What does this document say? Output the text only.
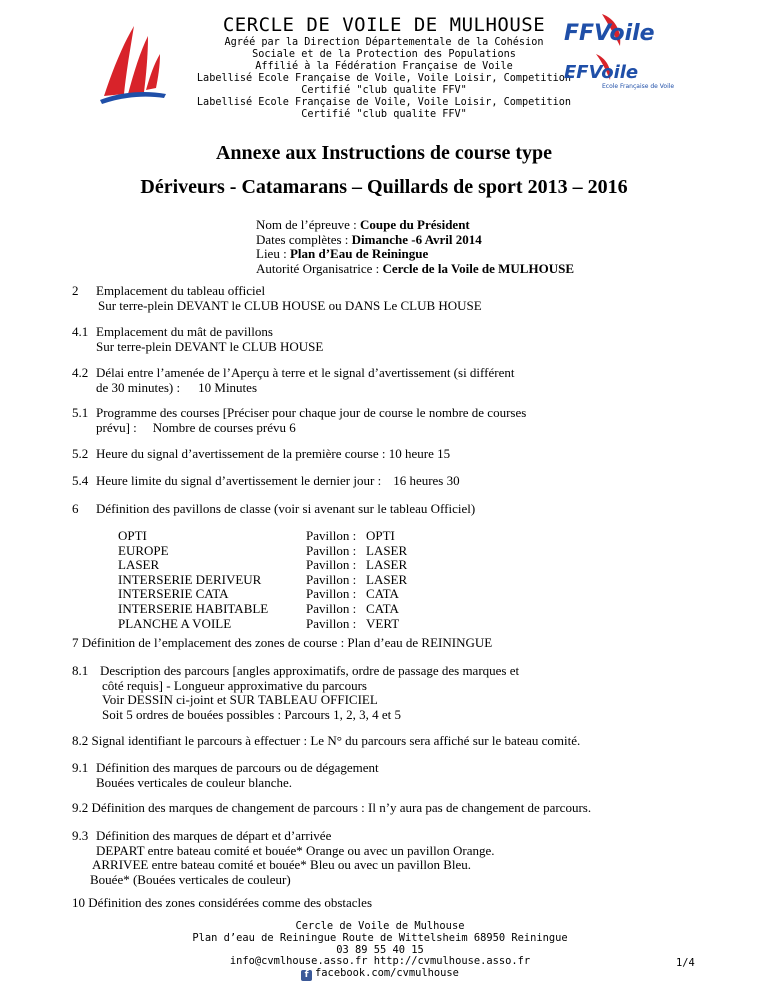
CERCLE DE VOILE DE MULHOUSE
Agréé par la Direction Départementale de la Cohésion
Sociale et de la Protection des Populations
Affilié à la Fédération Française de Voile
Labellisé Ecole Française de Voile, Voile Loisir, Competition
Certifié "club qualite FFV"
Labellisé Ecole Française de Voile, Voile Loisir, Competition
Certifié "club qualite FFV"
FFVoile
EFVoile
Ecole Française de Voile
Annexe aux Instructions de course type
Dériveurs - Catamarans – Quillards de sport 2013 – 2016
Nom de l’épreuve : Coupe du Président
Dates complètes : Dimanche -6 Avril 2014
Lieu : Plan d’Eau de Reiningue
Autorité Organisatrice : Cercle de la Voile de MULHOUSE
2 Emplacement du tableau officiel
Sur terre-plein DEVANT le CLUB HOUSE ou DANS Le CLUB HOUSE
4.1 Emplacement du mât de pavillons
Sur terre-plein DEVANT le CLUB HOUSE
4.2 Délai entre l’amenée de l’Aperçu à terre et le signal d’avertissement (si différent
de 30 minutes) : 10 Minutes
5.1 Programme des courses [Préciser pour chaque jour de course le nombre de courses
prévu] : Nombre de courses prévu 6
5.2 Heure du signal d’avertissement de la première course : 10 heure 15
5.4 Heure limite du signal d’avertissement le dernier jour : 16 heures 30
6 Définition des pavillons de classe (voir si avenant sur le tableau Officiel)
OPTI
EUROPE
LASER
INTERSERIE DERIVEUR
INTERSERIE CATA
INTERSERIE HABITABLE
PLANCHE A VOILE
Pavillon :
Pavillon :
Pavillon :
Pavillon :
Pavillon :
Pavillon :
Pavillon :
OPTI
LASER
LASER
LASER
CATA
CATA
VERT
7 Définition de l’emplacement des zones de course : Plan d’eau de REININGUE
8.1 Description des parcours [angles approximatifs, ordre de passage des marques et
côté requis] - Longueur approximative du parcours
Voir DESSIN ci-joint et SUR TABLEAU OFFICIEL
Soit 5 ordres de bouées possibles : Parcours 1, 2, 3, 4 et 5
8.2 Signal identifiant le parcours à effectuer : Le N° du parcours sera affiché sur le bateau comité.
9.1 Définition des marques de parcours ou de dégagement
Bouées verticales de couleur blanche.
9.2 Définition des marques de changement de parcours : Il n’y aura pas de changement de parcours.
9.3 Définition des marques de départ et d’arrivée
DEPART entre bateau comité et bouée* Orange ou avec un pavillon Orange.
ARRIVEE entre bateau comité et bouée* Bleu ou avec un pavillon Bleu.
Bouée* (Bouées verticales de couleur)
10 Définition des zones considérées comme des obstacles
Cercle de Voile de Mulhouse
Plan d’eau de Reiningue Route de Wittelsheim 68950 Reiningue
03 89 55 40 15
info@cvmlhouse.asso.fr http://cvmulhouse.asso.fr
f facebook.com/cvmulhouse
1/4
